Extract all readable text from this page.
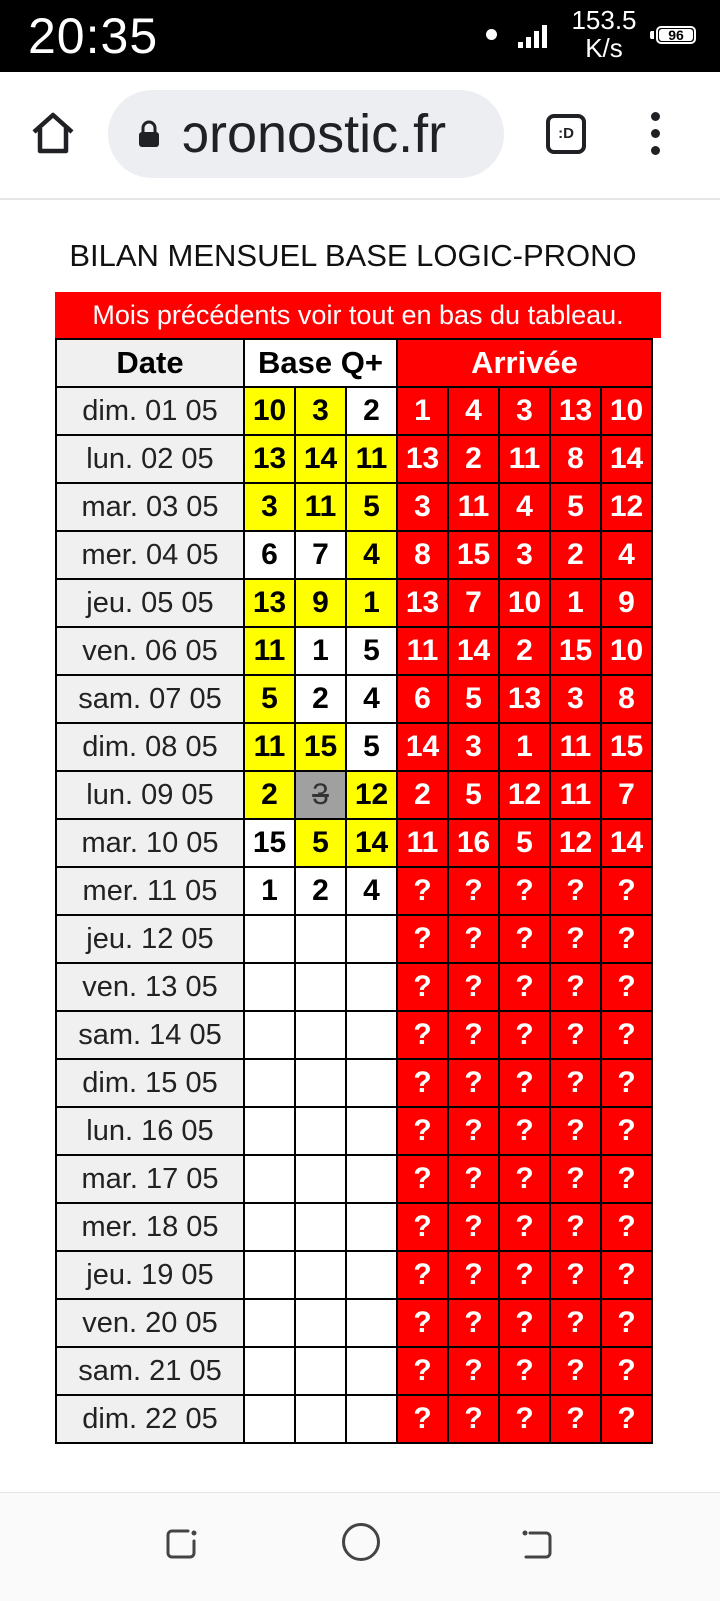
20:35	153.5
K/s	96
ɔronostic.fr	:D
BILAN MENSUEL BASE LOGIC-PRONO
Mois précédents voir tout en bas du tableau.
Date	Base Q+			Arrivée				
dim. 01 05	10	3	2	1	4	3	13	10
lun. 02 05	13	14	11	13	2	11	8	14
mar. 03 05	3	11	5	3	11	4	5	12
mer. 04 05	6	7	4	8	15	3	2	4
jeu. 05 05	13	9	1	13	7	10	1	9
ven. 06 05	11	1	5	11	14	2	15	10
sam. 07 05	5	2	4	6	5	13	3	8
dim. 08 05	11	15	5	14	3	1	11	15
lun. 09 05	2	3	12	2	5	12	11	7
mar. 10 05	15	5	14	11	16	5	12	14
mer. 11 05	1	2	4	?	?	?	?	?
jeu. 12 05				?	?	?	?	?
ven. 13 05				?	?	?	?	?
sam. 14 05				?	?	?	?	?
dim. 15 05				?	?	?	?	?
lun. 16 05				?	?	?	?	?
mar. 17 05				?	?	?	?	?
mer. 18 05				?	?	?	?	?
jeu. 19 05				?	?	?	?	?
ven. 20 05				?	?	?	?	?
sam. 21 05				?	?	?	?	?
dim. 22 05				?	?	?	?	?
